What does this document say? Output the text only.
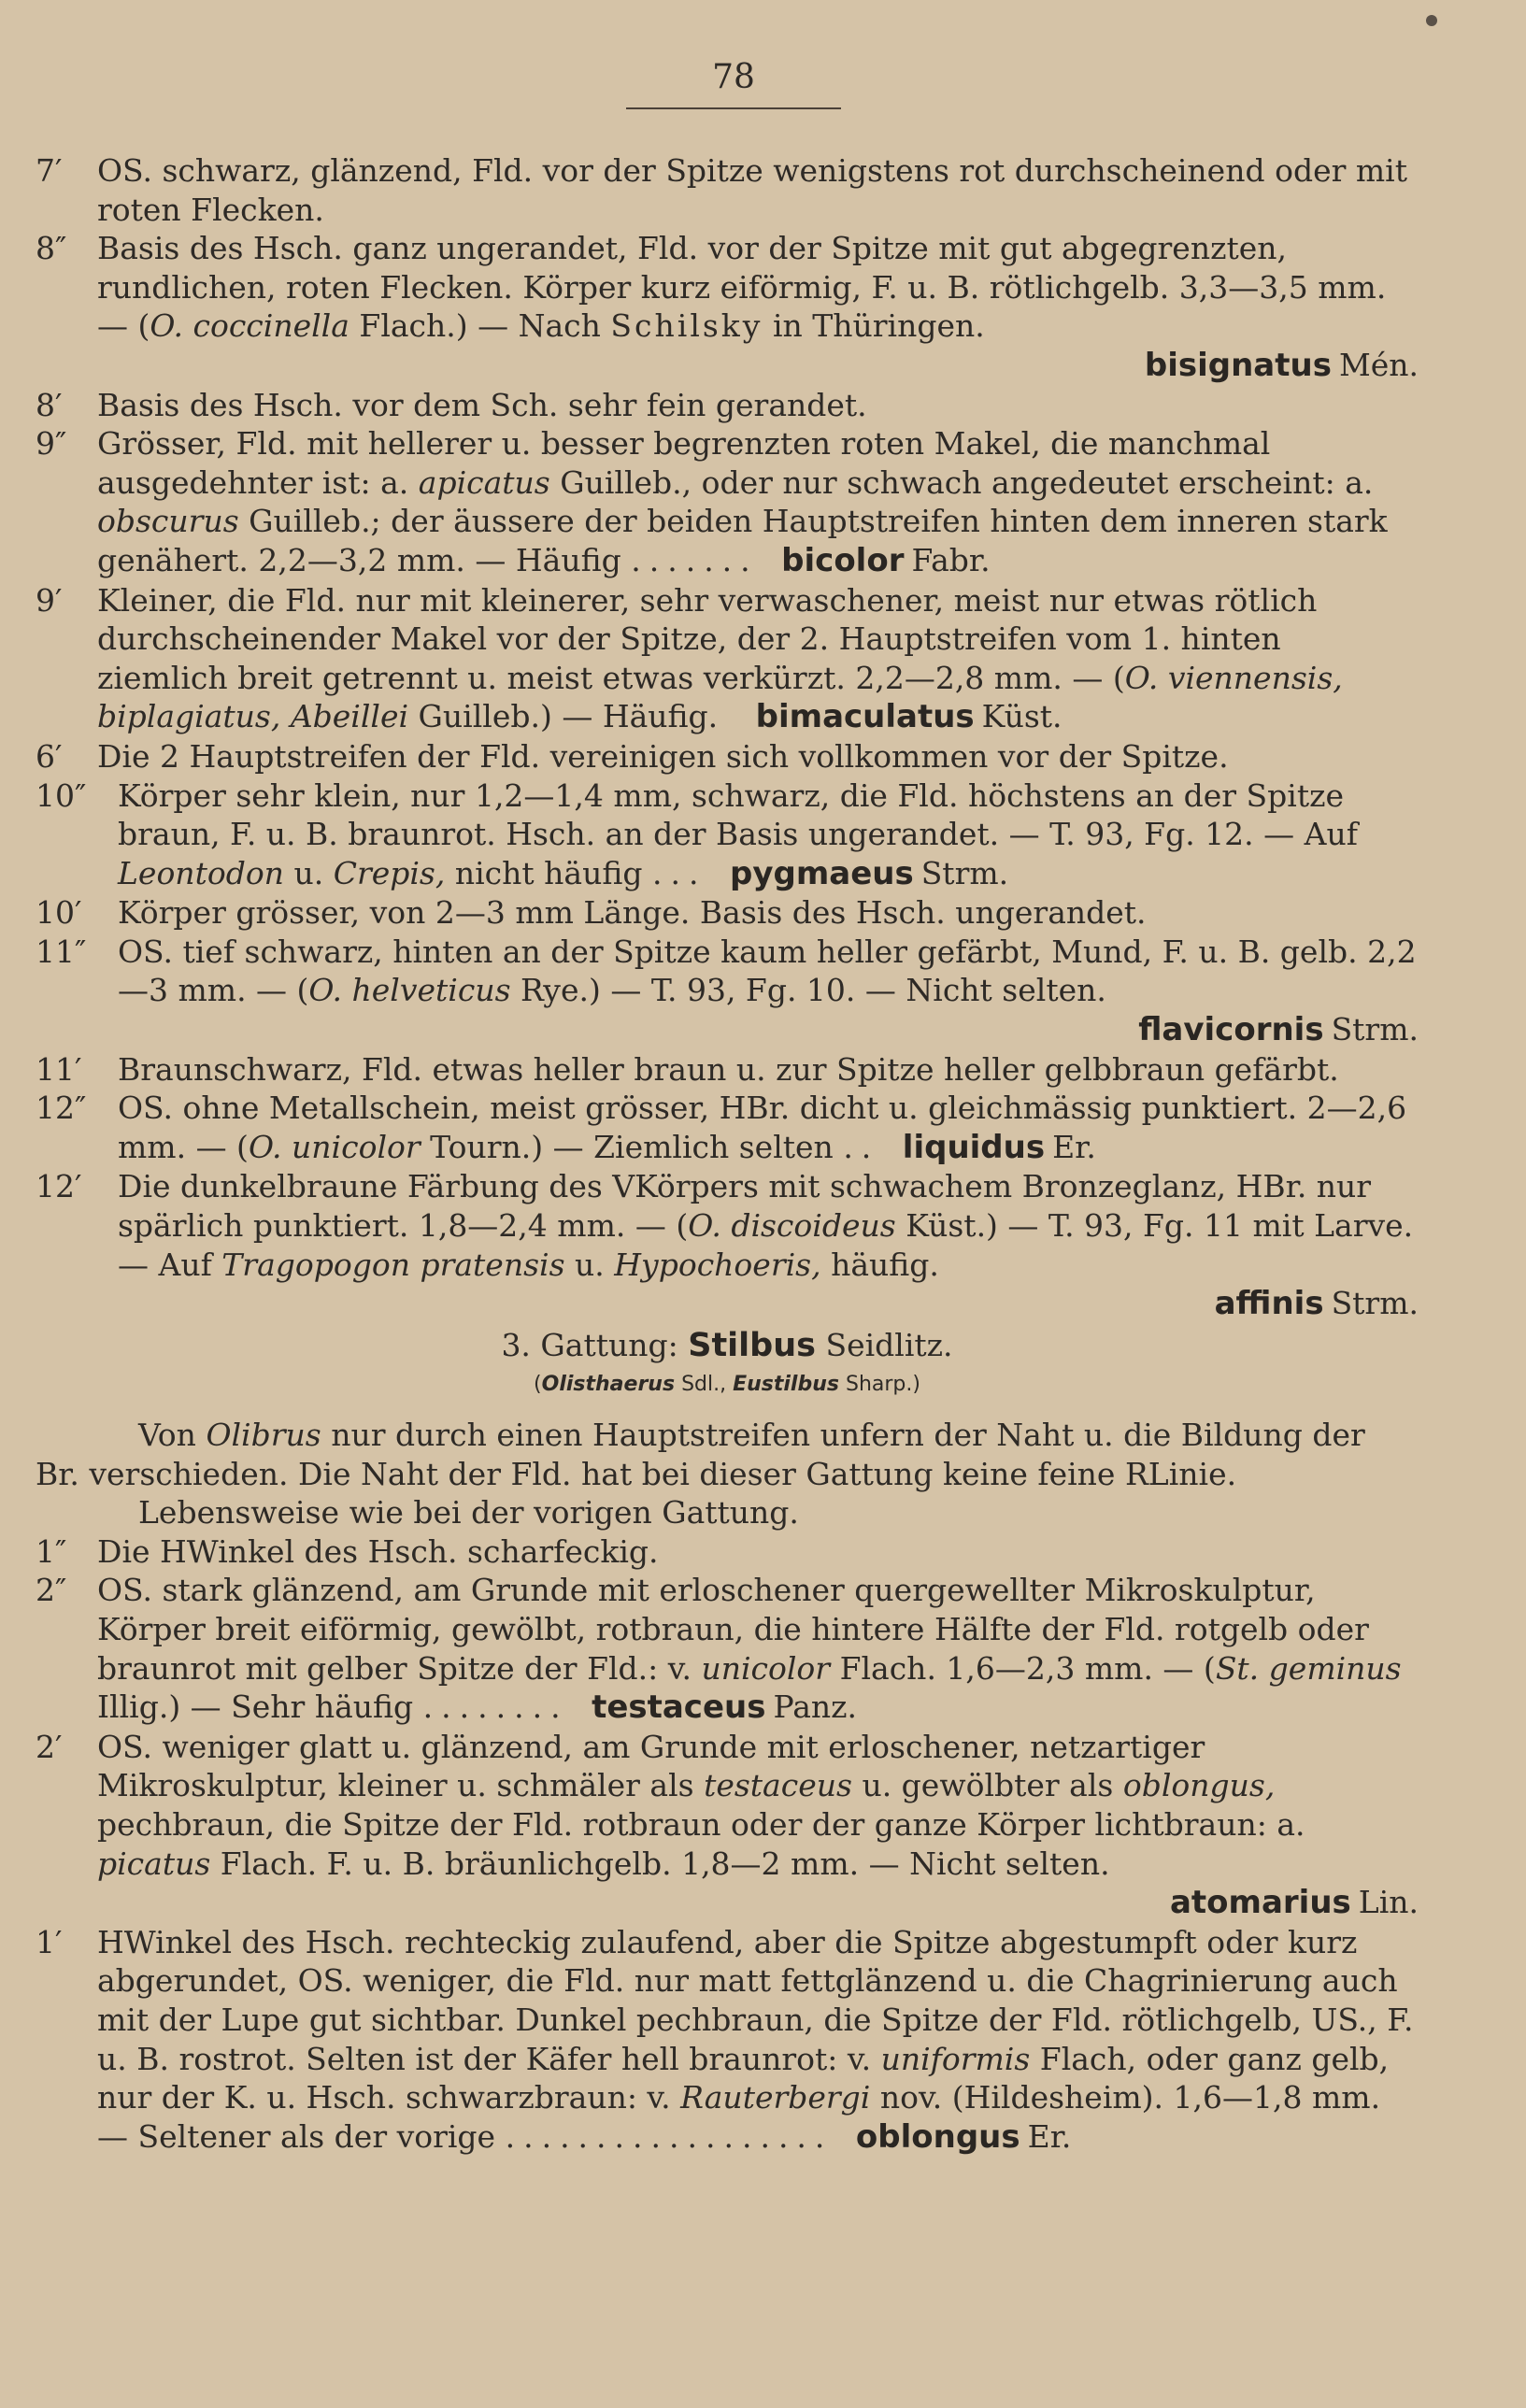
78
7′ OS. schwarz, glänzend, Fld. vor der Spitze wenigstens rot durchscheinend oder mit roten Flecken.
8″ Basis des Hsch. ganz ungerandet, Fld. vor der Spitze mit gut abgegrenzten, rundlichen, roten Flecken. Körper kurz eiförmig, F. u. B. rötlichgelb. 3,3—3,5 mm. — (O. coccinella Flach.) — Nach Schilsky in Thüringen.
bisignatus Mén.
8′ Basis des Hsch. vor dem Sch. sehr fein gerandet.
9″ Grösser, Fld. mit hellerer u. besser begrenzten roten Makel, die manchmal ausgedehnter ist: a. apicatus Guilleb., oder nur schwach angedeutet erscheint: a. obscurus Guilleb.; der äussere der beiden Hauptstreifen hinten dem inneren stark genähert. 2,2—3,2 mm. — Häufig ....... bicolor Fabr.
9′ Kleiner, die Fld. nur mit kleinerer, sehr verwaschener, meist nur etwas rötlich durchscheinender Makel vor der Spitze, der 2. Hauptstreifen vom 1. hinten ziemlich breit getrennt u. meist etwas verkürzt. 2,2—2,8 mm. — (O. viennensis, biplagiatus, Abeillei Guilleb.) — Häufig. bimaculatus Küst.
6′ Die 2 Hauptstreifen der Fld. vereinigen sich vollkommen vor der Spitze.
10″ Körper sehr klein, nur 1,2—1,4 mm, schwarz, die Fld. höchstens an der Spitze braun, F. u. B. braunrot. Hsch. an der Basis ungerandet. — T. 93, Fg. 12. — Auf Leontodon u. Crepis, nicht häufig ... pygmaeus Strm.
10′ Körper grösser, von 2—3 mm Länge. Basis des Hsch. ungerandet.
11″ OS. tief schwarz, hinten an der Spitze kaum heller gefärbt, Mund, F. u. B. gelb. 2,2—3 mm. — (O. helveticus Rye.) — T. 93, Fg. 10. — Nicht selten.
flavicornis Strm.
11′ Braunschwarz, Fld. etwas heller braun u. zur Spitze heller gelbbraun gefärbt.
12″ OS. ohne Metallschein, meist grösser, HBr. dicht u. gleichmässig punktiert. 2—2,6 mm. — (O. unicolor Tourn.) — Ziemlich selten .. liquidus Er.
12′ Die dunkelbraune Färbung des VKörpers mit schwachem Bronzeglanz, HBr. nur spärlich punktiert. 1,8—2,4 mm. — (O. discoideus Küst.) — T. 93, Fg. 11 mit Larve. — Auf Tragopogon pratensis u. Hypochoeris, häufig.
affinis Strm.
3. Gattung: Stilbus Seidlitz.
(Olisthaerus Sdl., Eustilbus Sharp.)
Von Olibrus nur durch einen Hauptstreifen unfern der Naht u. die Bildung der Br. verschieden. Die Naht der Fld. hat bei dieser Gattung keine feine RLinie.
Lebensweise wie bei der vorigen Gattung.
1″ Die HWinkel des Hsch. scharfeckig.
2″ OS. stark glänzend, am Grunde mit erloschener quergewellter Mikroskulptur, Körper breit eiförmig, gewölbt, rotbraun, die hintere Hälfte der Fld. rotgelb oder braunrot mit gelber Spitze der Fld.: v. unicolor Flach. 1,6—2,3 mm. — (St. geminus Illig.) — Sehr häufig ........ testaceus Panz.
2′ OS. weniger glatt u. glänzend, am Grunde mit erloschener, netzartiger Mikroskulptur, kleiner u. schmäler als testaceus u. gewölbter als oblongus, pechbraun, die Spitze der Fld. rotbraun oder der ganze Körper lichtbraun: a. picatus Flach. F. u. B. bräunlichgelb. 1,8—2 mm. — Nicht selten.
atomarius Lin.
1′ HWinkel des Hsch. rechteckig zulaufend, aber die Spitze abgestumpft oder kurz abgerundet, OS. weniger, die Fld. nur matt fettglänzend u. die Chagrinierung auch mit der Lupe gut sichtbar. Dunkel pechbraun, die Spitze der Fld. rötlichgelb, US., F. u. B. rostrot. Selten ist der Käfer hell braunrot: v. uniformis Flach, oder ganz gelb, nur der K. u. Hsch. schwarzbraun: v. Rauterbergi nov. (Hildesheim). 1,6—1,8 mm. — Seltener als der vorige .................. oblongus Er.
